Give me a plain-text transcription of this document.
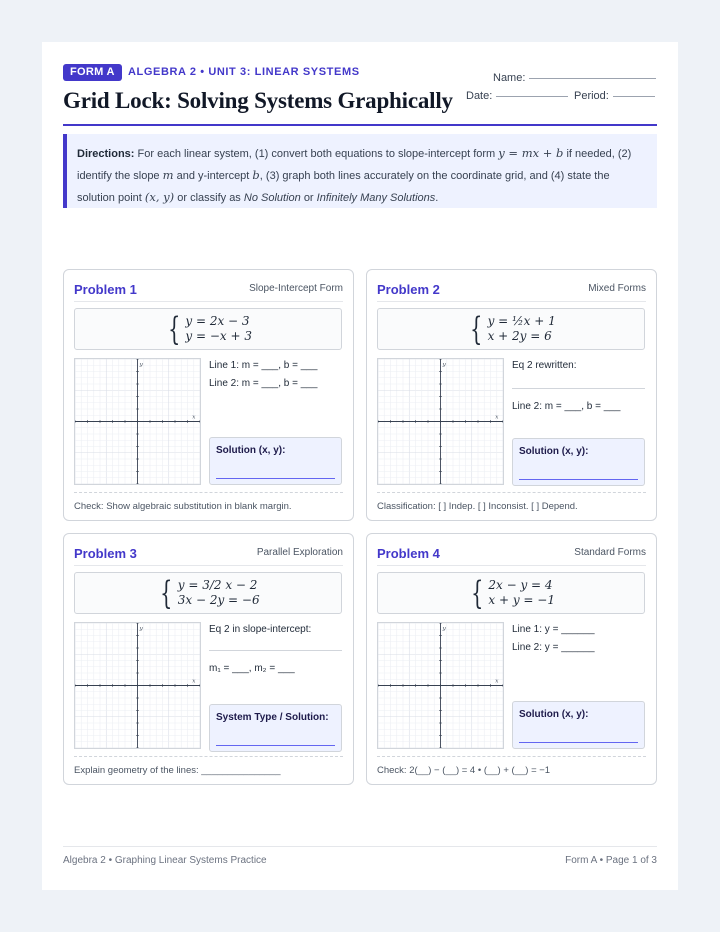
FORM A	ALGEBRA 2 • UNIT 3: LINEAR SYSTEMS
Grid Lock: Solving Systems Graphically
Name:
Date:	Period:
Directions: For each linear system, (1) convert both equations to slope-intercept form y = mx + b if needed, (2) identify the slope m and y-intercept b, (3) graph both lines accurately on the coordinate grid, and (4) state the solution point (x, y) or classify as No Solution or Infinitely Many Solutions.
Problem 1	Slope-Intercept Form
{ y = 2x − 3
y = −x + 3
x
y	Line 1: m = ___, b = ___
Line 2: m = ___, b = ___
Solution (x, y):
Check: Show algebraic substitution in blank margin.
Problem 2	Mixed Forms
{ y = ½x + 1
x + 2y = 6
x
y	Eq 2 rewritten:
Line 2: m = ___, b = ___
Solution (x, y):
Classification: [ ] Indep. [ ] Inconsist. [ ] Depend.
Problem 3	Parallel Exploration
{ y = 3/2 x − 2
3x − 2y = −6
x
y	Eq 2 in slope-intercept:
m₁ = ___, m₂ = ___
System Type / Solution:
Explain geometry of the lines: _______________
Problem 4	Standard Forms
{ 2x − y = 4
x + y = −1
x
y	Line 1: y = ______
Line 2: y = ______
Solution (x, y):
Check: 2(__) − (__) = 4 • (__) + (__) = −1
Algebra 2 • Graphing Linear Systems Practice	Form A • Page 1 of 3
